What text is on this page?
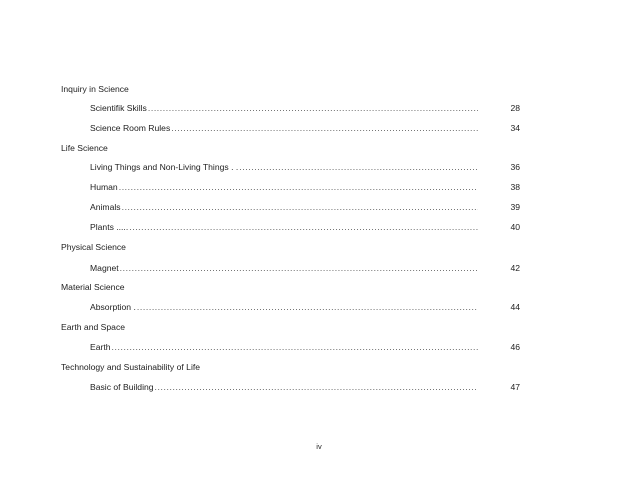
Inquiry in Science
Scientifik Skills .....	28
Science Room Rules .....	34
Life Science
Living Things and Non-Living Things . . .....	36
Human .....	38
Animals .....	39
Plants ..... .....	40
Physical Science
Magnet .....	42
Material Science
Absorption . .....	44
Earth and Space
Earth .....	46
Technology and Sustainability of Life
Basic of Building .....	47
iv
